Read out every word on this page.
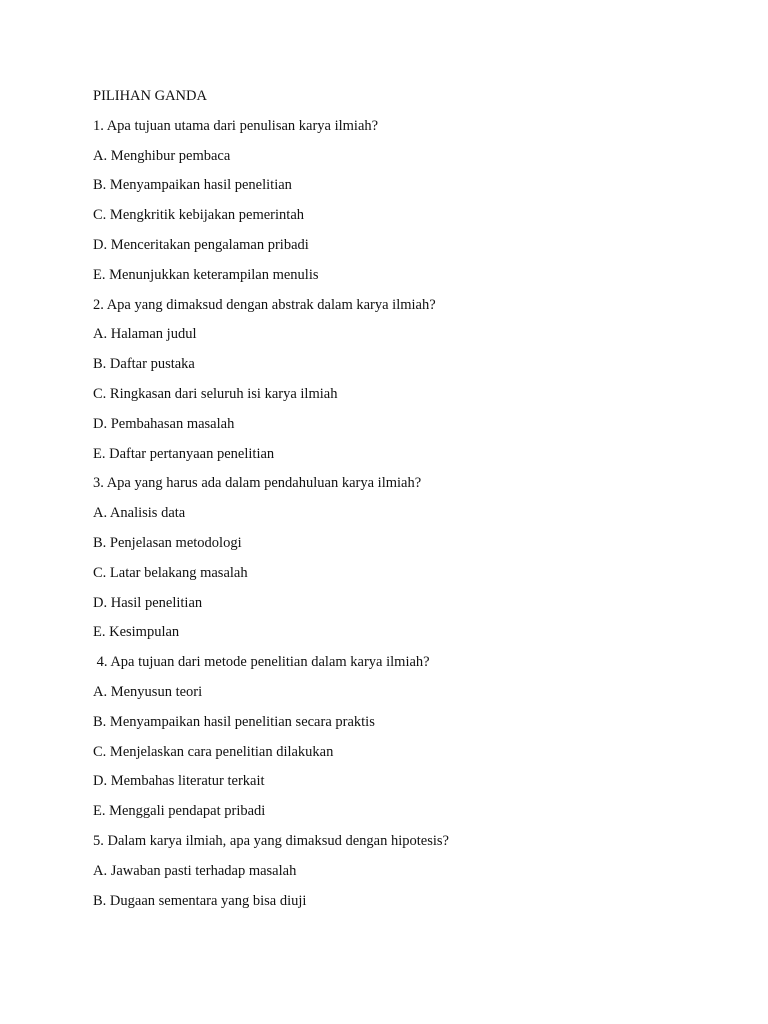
PILIHAN GANDA
1. Apa tujuan utama dari penulisan karya ilmiah?
A. Menghibur pembaca
B. Menyampaikan hasil penelitian
C. Mengkritik kebijakan pemerintah
D. Menceritakan pengalaman pribadi
E. Menunjukkan keterampilan menulis
2. Apa yang dimaksud dengan abstrak dalam karya ilmiah?
A. Halaman judul
B. Daftar pustaka
C. Ringkasan dari seluruh isi karya ilmiah
D. Pembahasan masalah
E. Daftar pertanyaan penelitian
3. Apa yang harus ada dalam pendahuluan karya ilmiah?
A. Analisis data
B. Penjelasan metodologi
C. Latar belakang masalah
D. Hasil penelitian
E. Kesimpulan
4. Apa tujuan dari metode penelitian dalam karya ilmiah?
A. Menyusun teori
B. Menyampaikan hasil penelitian secara praktis
C. Menjelaskan cara penelitian dilakukan
D. Membahas literatur terkait
E. Menggali pendapat pribadi
5. Dalam karya ilmiah, apa yang dimaksud dengan hipotesis?
A. Jawaban pasti terhadap masalah
B. Dugaan sementara yang bisa diuji
